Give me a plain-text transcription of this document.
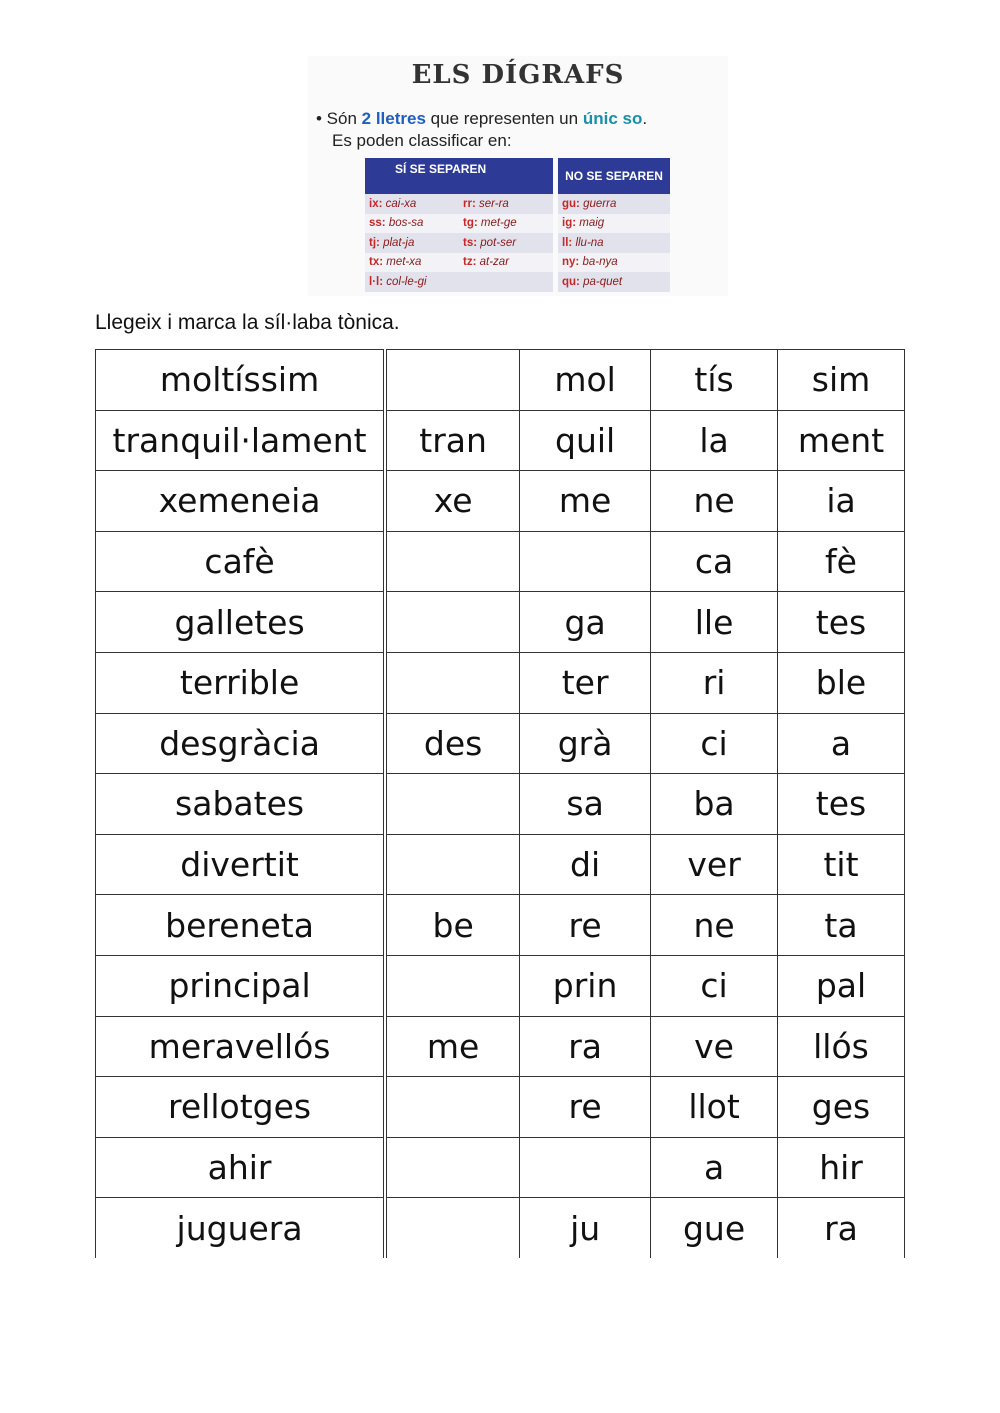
ELS DÍGRAFS
• Són 2 lletres que representen un únic so.
Es poden classificar en:
SÍ SE SEPAREN
ix: cai-xa	rr: ser-ra
ss: bos-sa	tg: met-ge
tj: plat-ja	ts: pot-ser
tx: met-xa	tz: at-zar
l·l: col-le-gi
NO SE SEPAREN
gu: guerra
ig: maig
ll: llu-na
ny: ba-nya
qu: pa-quet
Llegeix i marca la síl·laba tònica.
moltíssim		mol	tís	sim
tranquil·lament	tran	quil	la	ment
xemeneia	xe	me	ne	ia
cafè			ca	fè
galletes		ga	lle	tes
terrible		ter	ri	ble
desgràcia	des	grà	ci	a
sabates		sa	ba	tes
divertit		di	ver	tit
bereneta	be	re	ne	ta
principal		prin	ci	pal
meravellós	me	ra	ve	llós
rellotges		re	llot	ges
ahir			a	hir
juguera		ju	gue	ra
